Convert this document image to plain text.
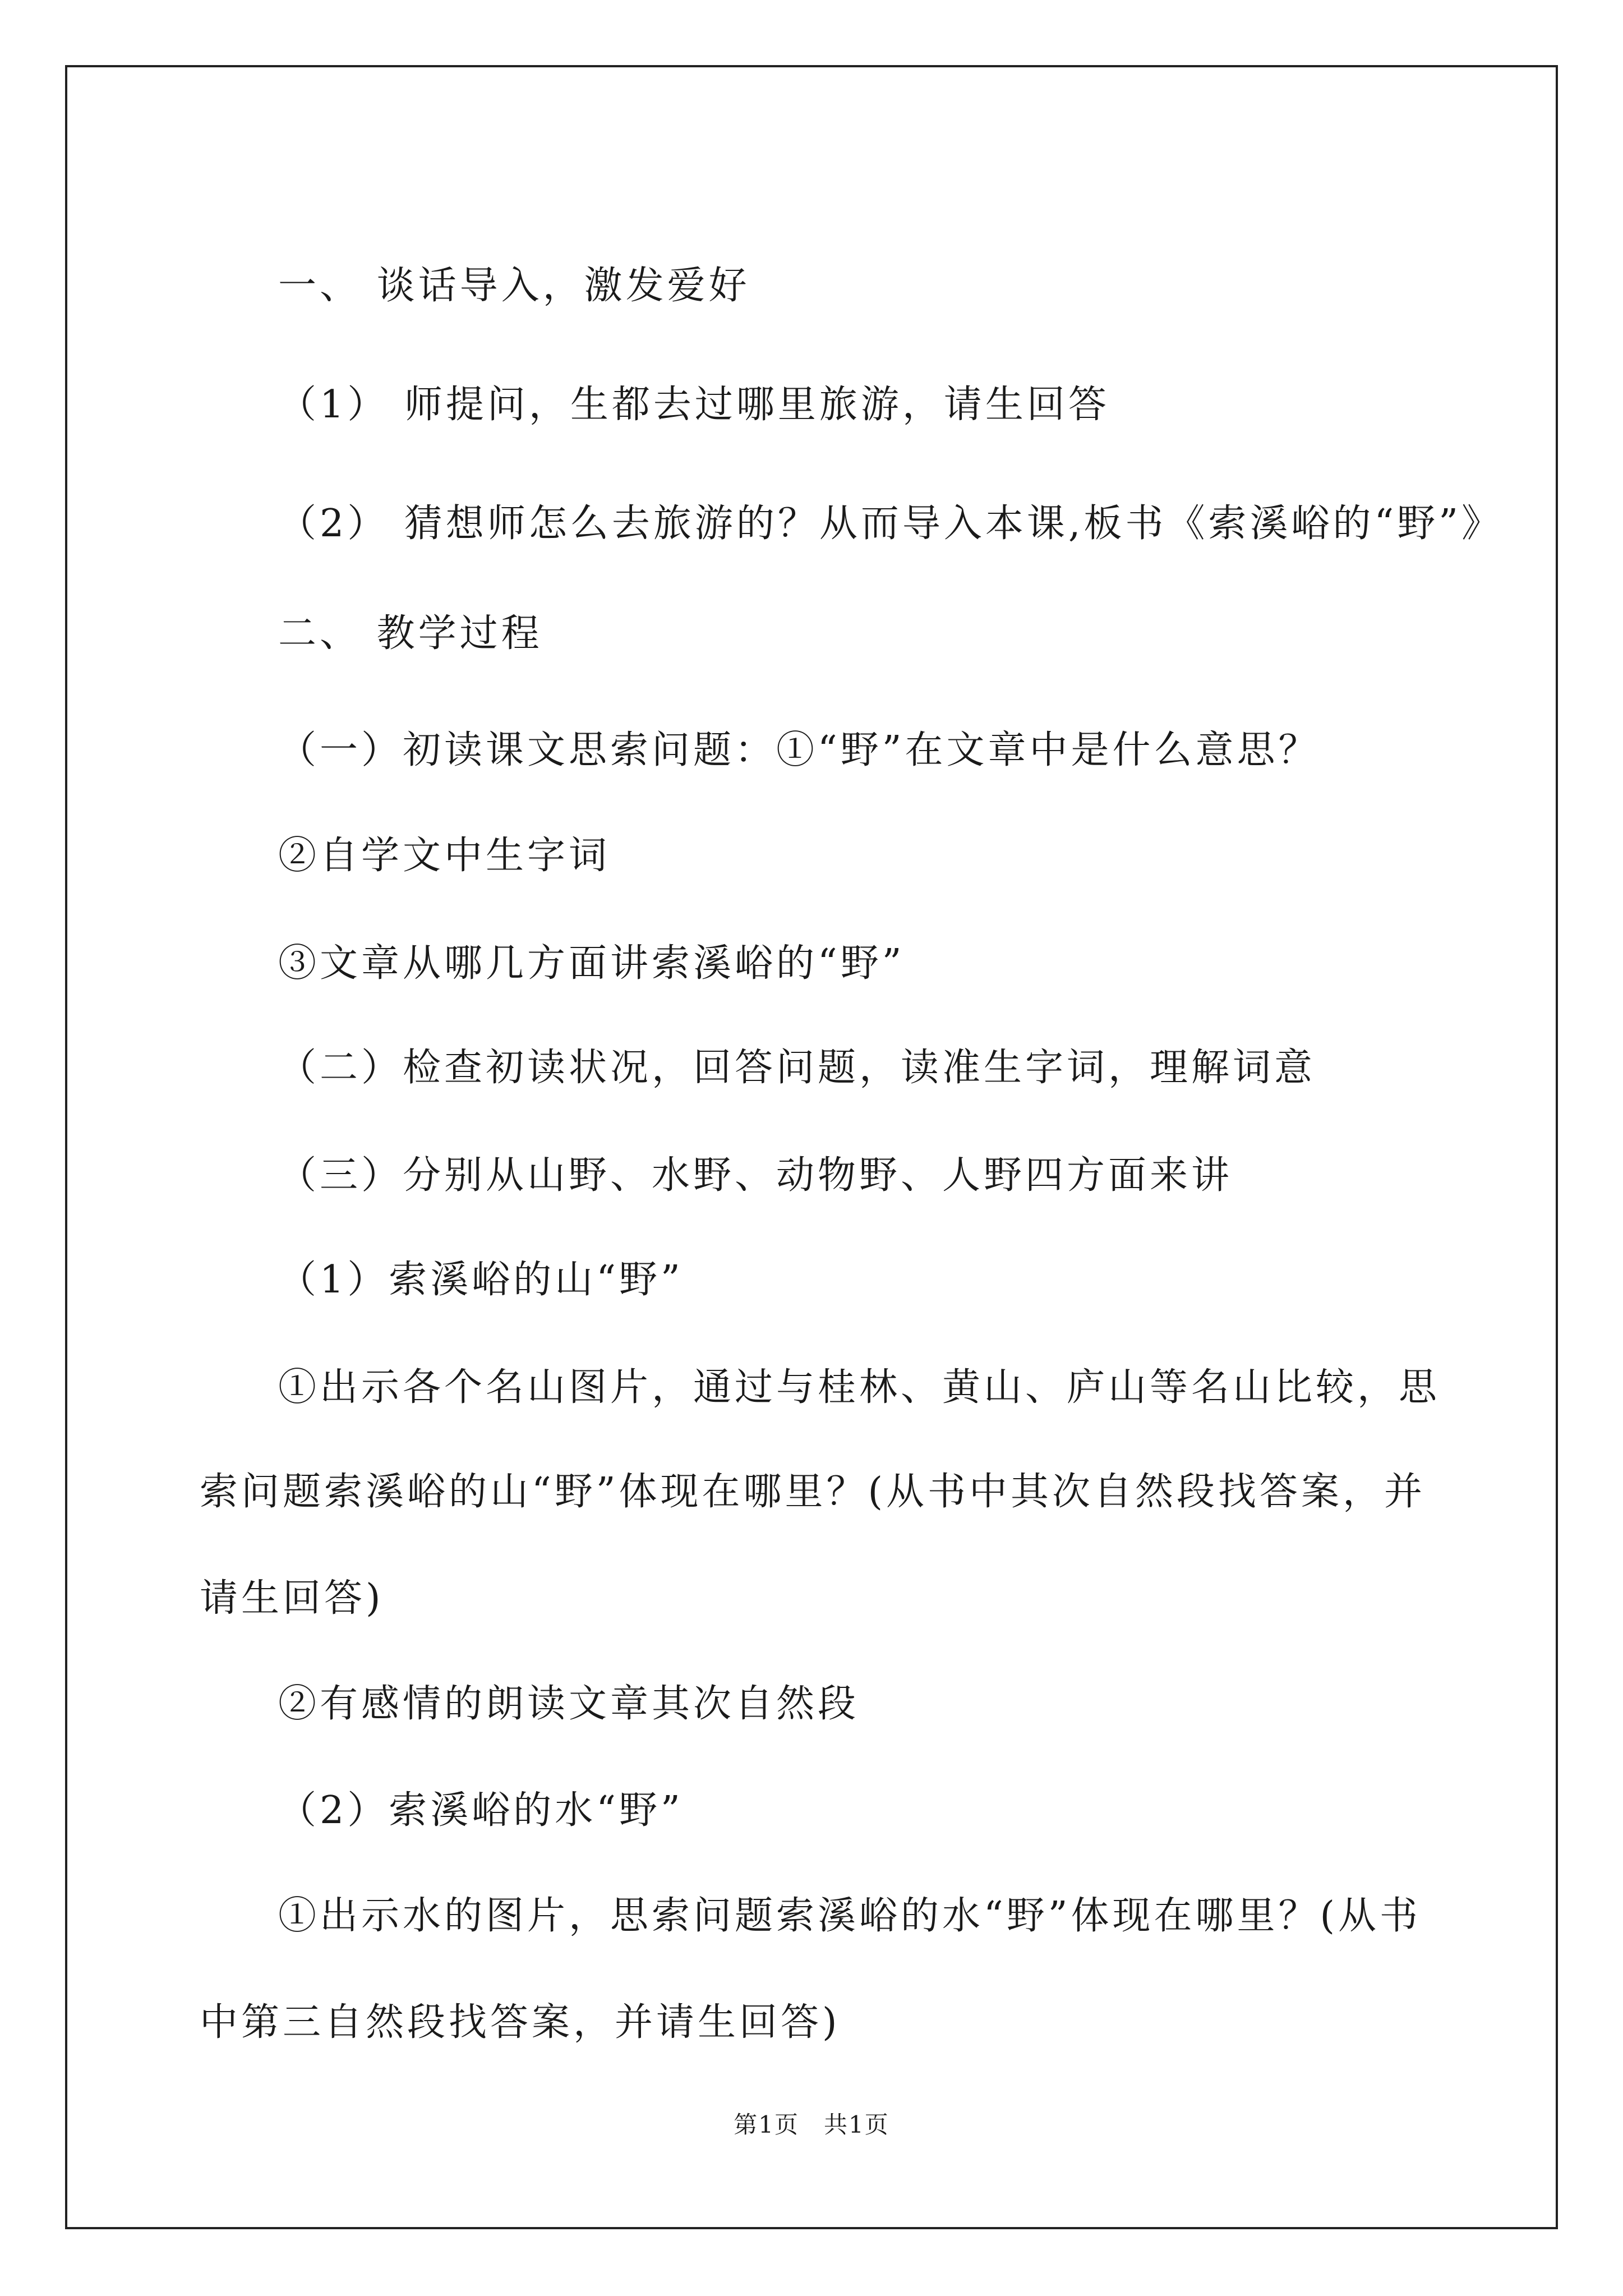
一、 谈话导入，激发爱好
（1） 师提问，生都去过哪里旅游，请生回答
（2） 猜想师怎么去旅游的？从而导入本课,板书《索溪峪的“野”》
二、 教学过程
（一）初读课文思索问题：①“野”在文章中是什么意思？
②自学文中生字词
③文章从哪几方面讲索溪峪的“野”
（二）检查初读状况，回答问题，读准生字词，理解词意
（三）分别从山野、水野、动物野、人野四方面来讲
（1）索溪峪的山“野”
①出示各个名山图片，通过与桂林、黄山、庐山等名山比较，思
索问题索溪峪的山“野”体现在哪里？(从书中其次自然段找答案，并
请生回答)
②有感情的朗读文章其次自然段
（2）索溪峪的水“野”
①出示水的图片，思索问题索溪峪的水“野”体现在哪里？(从书
中第三自然段找答案，并请生回答)
第1页　共1页
